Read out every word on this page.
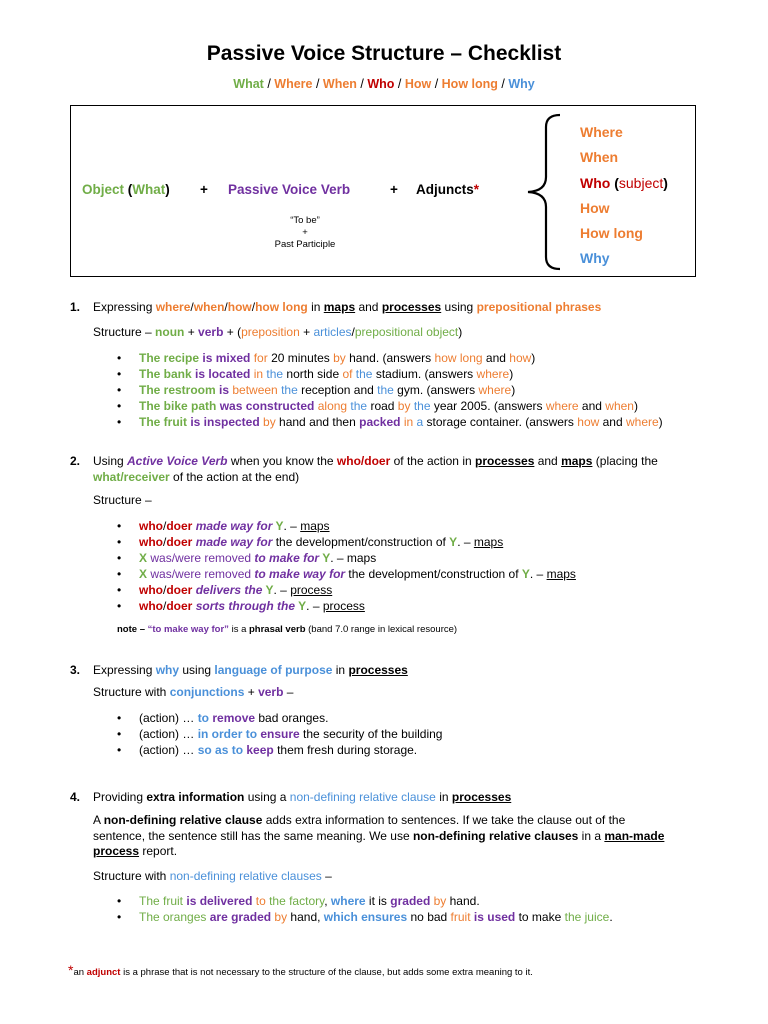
Passive Voice Structure – Checklist
What / Where / When / Who / How / How long / Why
Object (What) + Passive Voice Verb	+ Adjuncts*
“To be”
+
Past Participle
Where
When
Who (subject)
How
How long
Why
1. Expressing where/when/how/how long in maps and processes using prepositional phrases
Structure – noun + verb + (preposition + articles/prepositional object)
• The recipe is mixed for 20 minutes by hand. (answers how long and how)
• The bank is located in the north side of the stadium. (answers where)
• The restroom is between the reception and the gym. (answers where)
• The bike path was constructed along the road by the year 2005. (answers where and when)
• The fruit is inspected by hand and then packed in a storage container. (answers how and where)
2. Using Active Voice Verb when you know the who/doer of the action in processes and maps (placing the
what/receiver of the action at the end)
Structure –
• who/doer made way for Y. – maps
• who/doer made way for the development/construction of Y. – maps
• X was/were removed to make for Y. – maps
• X was/were removed to make way for the development/construction of Y. – maps
• who/doer delivers the Y. – process
• who/doer sorts through the Y. – process
note – “to make way for” is a phrasal verb (band 7.0 range in lexical resource)
3. Expressing why using language of purpose in processes
Structure with conjunctions + verb –
• (action) … to remove bad oranges.
• (action) … in order to ensure the security of the building
• (action) … so as to keep them fresh during storage.
4. Providing extra information using a non-defining relative clause in processes
A non-defining relative clause adds extra information to sentences. If we take the clause out of the
sentence, the sentence still has the same meaning. We use non-defining relative clauses in a man-made
process report.
Structure with non-defining relative clauses –
• The fruit is delivered to the factory, where it is graded by hand.
• The oranges are graded by hand, which ensures no bad fruit is used to make the juice.
*an adjunct is a phrase that is not necessary to the structure of the clause, but adds some extra meaning to it.
